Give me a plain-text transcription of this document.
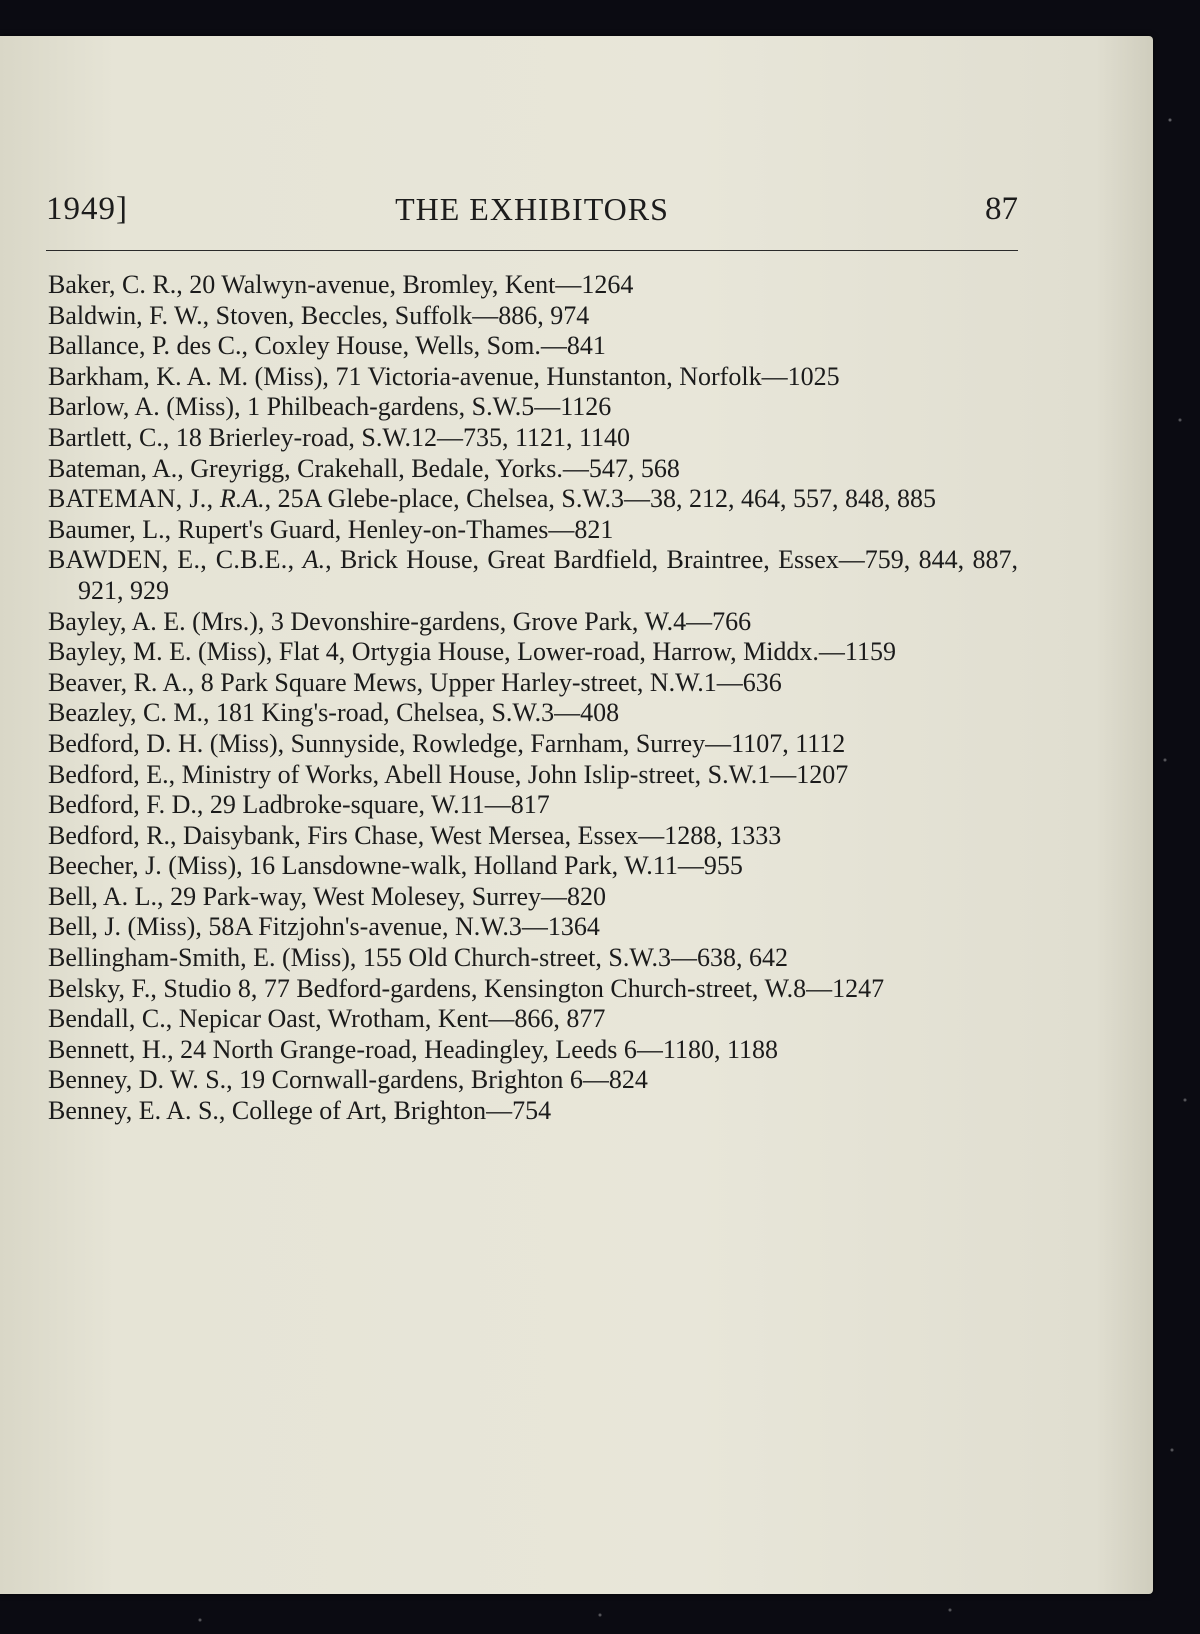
1949]	THE EXHIBITORS	87
Baker, C. R., 20 Walwyn-avenue, Bromley, Kent—1264
Baldwin, F. W., Stoven, Beccles, Suffolk—886, 974
Ballance, P. des C., Coxley House, Wells, Som.—841
Barkham, K. A. M. (Miss), 71 Victoria-avenue, Hunstanton, Norfolk—1025
Barlow, A. (Miss), 1 Philbeach-gardens, S.W.5—1126
Bartlett, C., 18 Brierley-road, S.W.12—735, 1121, 1140
Bateman, A., Greyrigg, Crakehall, Bedale, Yorks.—547, 568
BATEMAN, J., R.A., 25A Glebe-place, Chelsea, S.W.3—38, 212, 464, 557, 848, 885
Baumer, L., Rupert's Guard, Henley-on-Thames—821
BAWDEN, E., C.B.E., A., Brick House, Great Bardfield, Braintree, Essex—759, 844, 887, 921, 929
Bayley, A. E. (Mrs.), 3 Devonshire-gardens, Grove Park, W.4—766
Bayley, M. E. (Miss), Flat 4, Ortygia House, Lower-road, Harrow, Middx.—1159
Beaver, R. A., 8 Park Square Mews, Upper Harley-street, N.W.1—636
Beazley, C. M., 181 King's-road, Chelsea, S.W.3—408
Bedford, D. H. (Miss), Sunnyside, Rowledge, Farnham, Surrey—1107, 1112
Bedford, E., Ministry of Works, Abell House, John Islip-street, S.W.1—1207
Bedford, F. D., 29 Ladbroke-square, W.11—817
Bedford, R., Daisybank, Firs Chase, West Mersea, Essex—1288, 1333
Beecher, J. (Miss), 16 Lansdowne-walk, Holland Park, W.11—955
Bell, A. L., 29 Park-way, West Molesey, Surrey—820
Bell, J. (Miss), 58A Fitzjohn's-avenue, N.W.3—1364
Bellingham-Smith, E. (Miss), 155 Old Church-street, S.W.3—638, 642
Belsky, F., Studio 8, 77 Bedford-gardens, Kensington Church-street, W.8—1247
Bendall, C., Nepicar Oast, Wrotham, Kent—866, 877
Bennett, H., 24 North Grange-road, Headingley, Leeds 6—1180, 1188
Benney, D. W. S., 19 Cornwall-gardens, Brighton 6—824
Benney, E. A. S., College of Art, Brighton—754
